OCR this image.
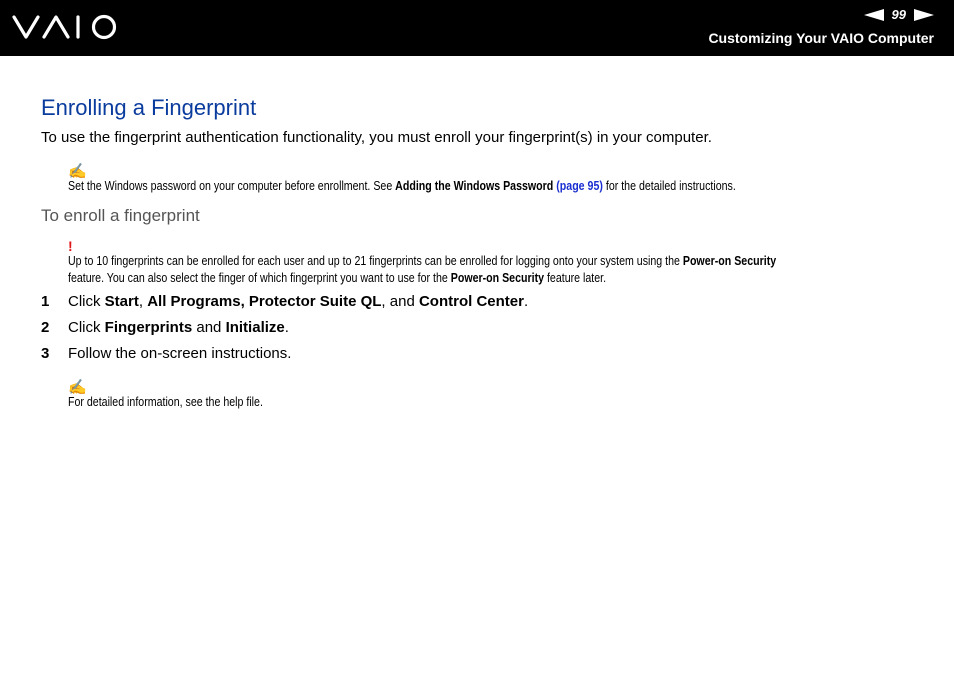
99
Customizing Your VAIO Computer
Enrolling a Fingerprint

To use the fingerprint authentication functionality, you must enroll your fingerprint(s) in your computer.

✍

Set the Windows password on your computer before enrollment. See Adding the Windows Password (page 95) for the detailed instructions.

To enroll a fingerprint
!

Up to 10 fingerprints can be enrolled for each user and up to 21 fingerprints can be enrolled for logging onto your system using the Power-on Security

feature. You can also select the finger of which fingerprint you want to use for the Power-on Security feature later.

1 Click Start, All Programs, Protector Suite QL, and Control Center.

2 Click Fingerprints and Initialize.

3 Follow the on-screen instructions.

✍

For detailed information, see the help file.
